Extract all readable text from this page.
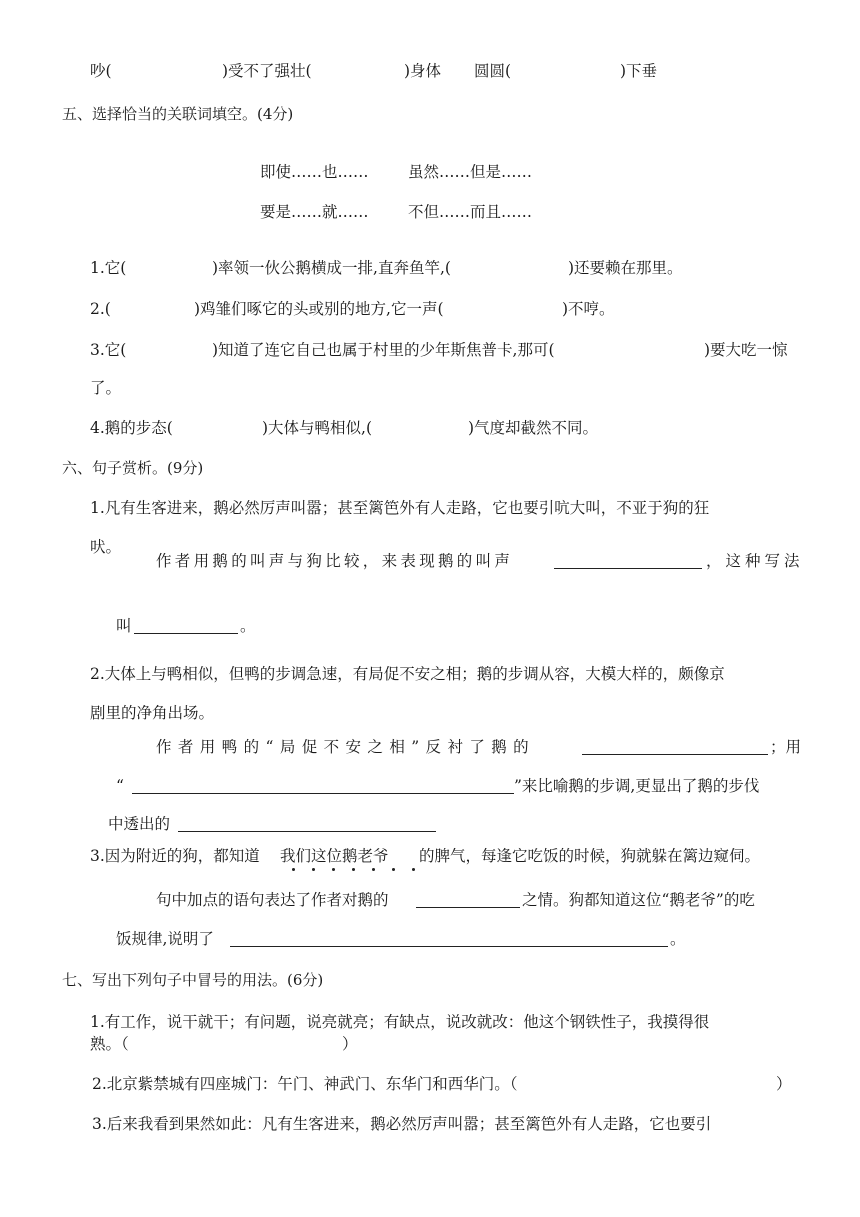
吵(	)受不了强壮(	)身体 圆圆(	)下垂
五、选择恰当的关联词填空。(4分)
即使……也……	虽然……但是……
要是……就……	不但……而且……
1.它(	)率领一伙公鹅横成一排,直奔鱼竿,(	)还要赖在那里。
2.(	)鸡雏们啄它的头或别的地方,它一声(	)不哼。
3.它(	)知道了连它自己也属于村里的少年斯焦普卡,那可(	)要大吃一惊
了。
4.鹅的步态(	)大体与鸭相似,(	)气度却截然不同。
六、句子赏析。(9分)
1.凡有生客进来，鹅必然厉声叫嚣；甚至篱笆外有人走路，它也要引吭大叫，不亚于狗的狂
吠。
作者用鹅的叫声与狗比较，来表现鹅的叫声	，这种写法
叫	。
2.大体上与鸭相似，但鸭的步调急速，有局促不安之相；鹅的步调从容，大模大样的，颇像京
剧里的净角出场。
作者用鸭的“局促不安之相”反衬了鹅的	；用
“	”来比喻鹅的步调,更显出了鹅的步伐
中透出的
3.因为附近的狗，都知道 我们这位鹅老爷 的脾气，每逢它吃饭的时候，狗就躲在篱边窥伺。
句中加点的语句表达了作者对鹅的	之情。狗都知道这位“鹅老爷”的吃
饭规律,说明了	。
七、写出下列句子中冒号的用法。(6分)
1.有工作，说干就干；有问题，说亮就亮；有缺点，说改就改：他这个钢铁性子，我摸得很
熟。（	）
2.北京紫禁城有四座城门：午门、神武门、东华门和西华门。（	）
3.后来我看到果然如此：凡有生客进来，鹅必然厉声叫嚣；甚至篱笆外有人走路，它也要引
